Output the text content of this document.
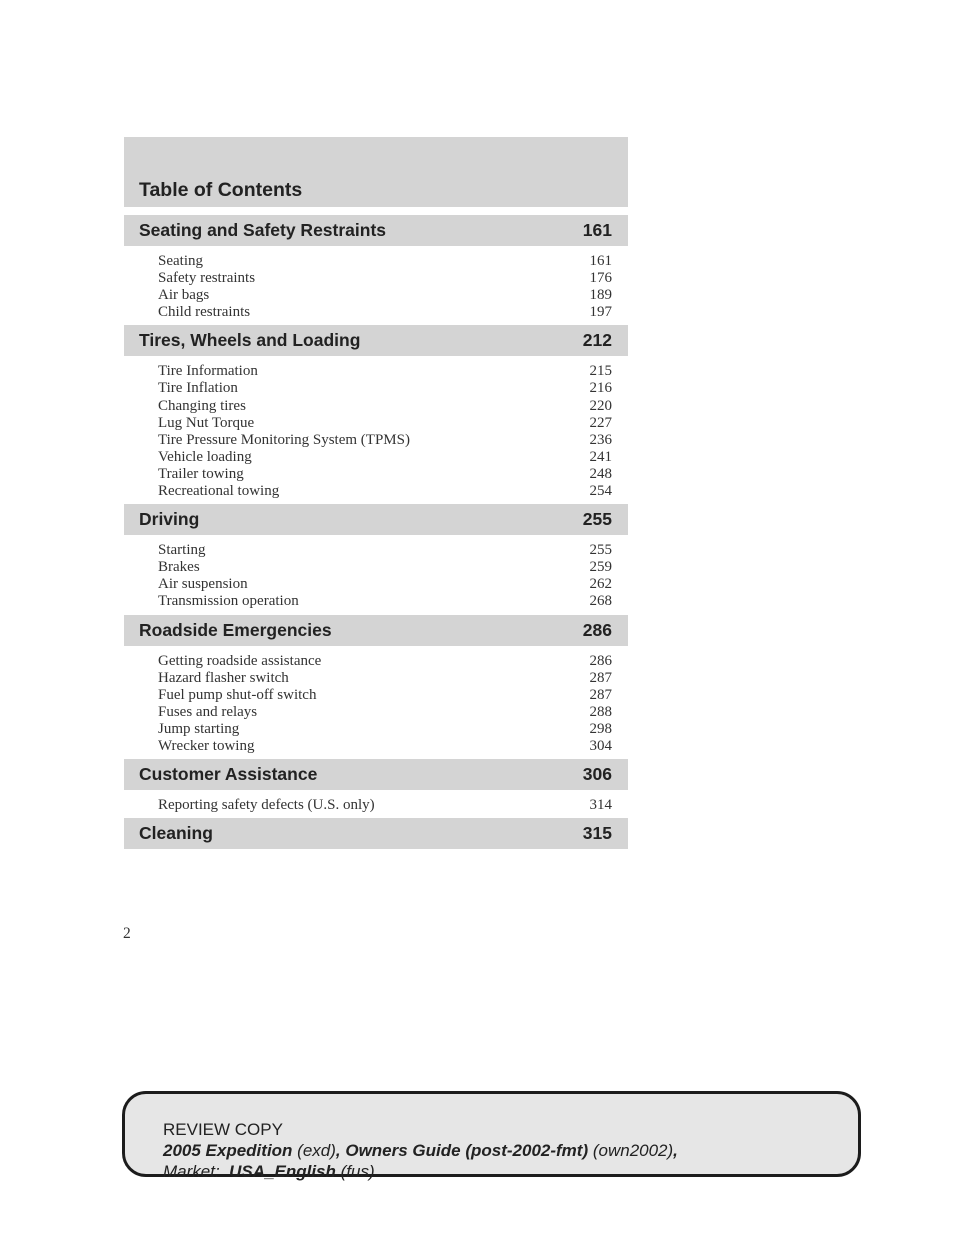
Table of Contents
Seating and Safety Restraints	161
Seating	161
Safety restraints	176
Air bags	189
Child restraints	197
Tires, Wheels and Loading	212
Tire Information	215
Tire Inflation	216
Changing tires	220
Lug Nut Torque	227
Tire Pressure Monitoring System (TPMS)	236
Vehicle loading	241
Trailer towing	248
Recreational towing	254
Driving	255
Starting	255
Brakes	259
Air suspension	262
Transmission operation	268
Roadside Emergencies	286
Getting roadside assistance	286
Hazard flasher switch	287
Fuel pump shut-off switch	287
Fuses and relays	288
Jump starting	298
Wrecker towing	304
Customer Assistance	306
Reporting safety defects (U.S. only)	314
Cleaning	315
2
REVIEW COPY
2005 Expedition (exd), Owners Guide (post-2002-fmt) (own2002),
Market: USA_English (fus)
